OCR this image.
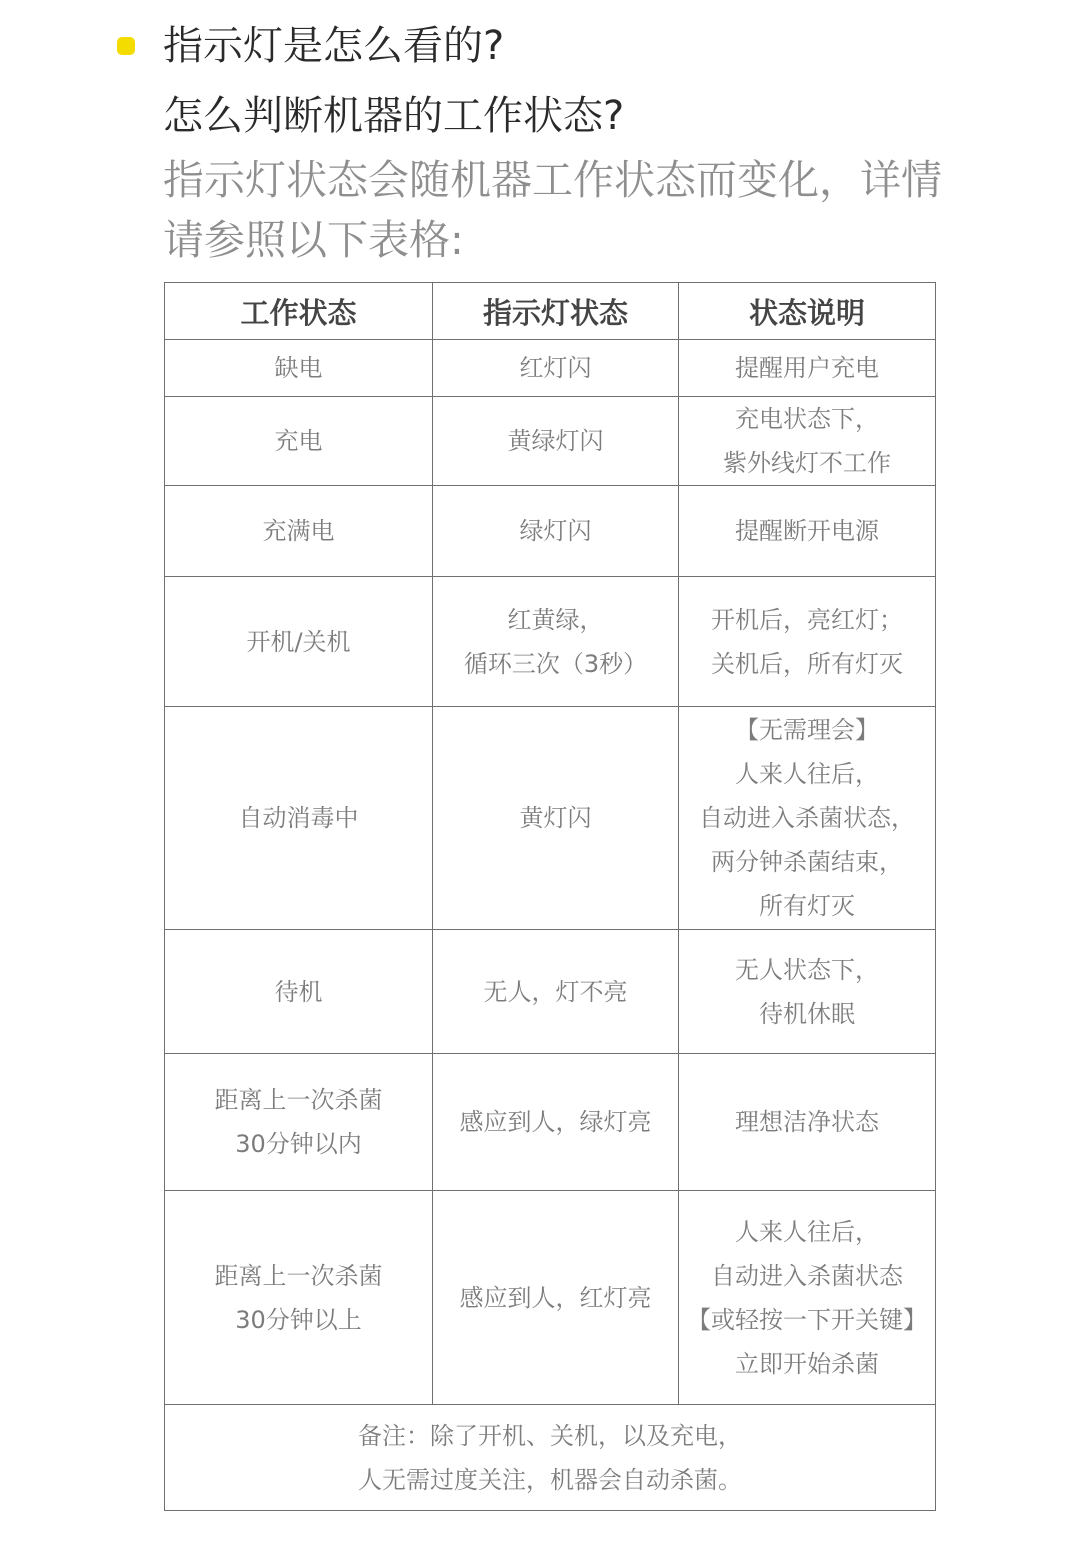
指示灯是怎么看的?
怎么判断机器的工作状态?
指示灯状态会随机器工作状态而变化，详情
请参照以下表格:
工作状态	指示灯状态	状态说明

缺电	红灯闪	提醒用户充电

充电	黄绿灯闪	充电状态下，
紫外线灯不工作

充满电	绿灯闪	提醒断开电源

开机/关机	红黄绿，
循环三次（3秒）	开机后，亮红灯；
关机后，所有灯灭

自动消毒中	黄灯闪	【无需理会】
人来人往后，
自动进入杀菌状态，
两分钟杀菌结束，
所有灯灭

待机	无人，灯不亮	无人状态下，
待机休眠

距离上一次杀菌
30分钟以内	感应到人，绿灯亮	理想洁净状态

距离上一次杀菌
30分钟以上	感应到人，红灯亮	人来人往后，
自动进入杀菌状态
【或轻按一下开关键】
立即开始杀菌

备注：除了开机、关机，以及充电，
人无需过度关注，机器会自动杀菌。		
